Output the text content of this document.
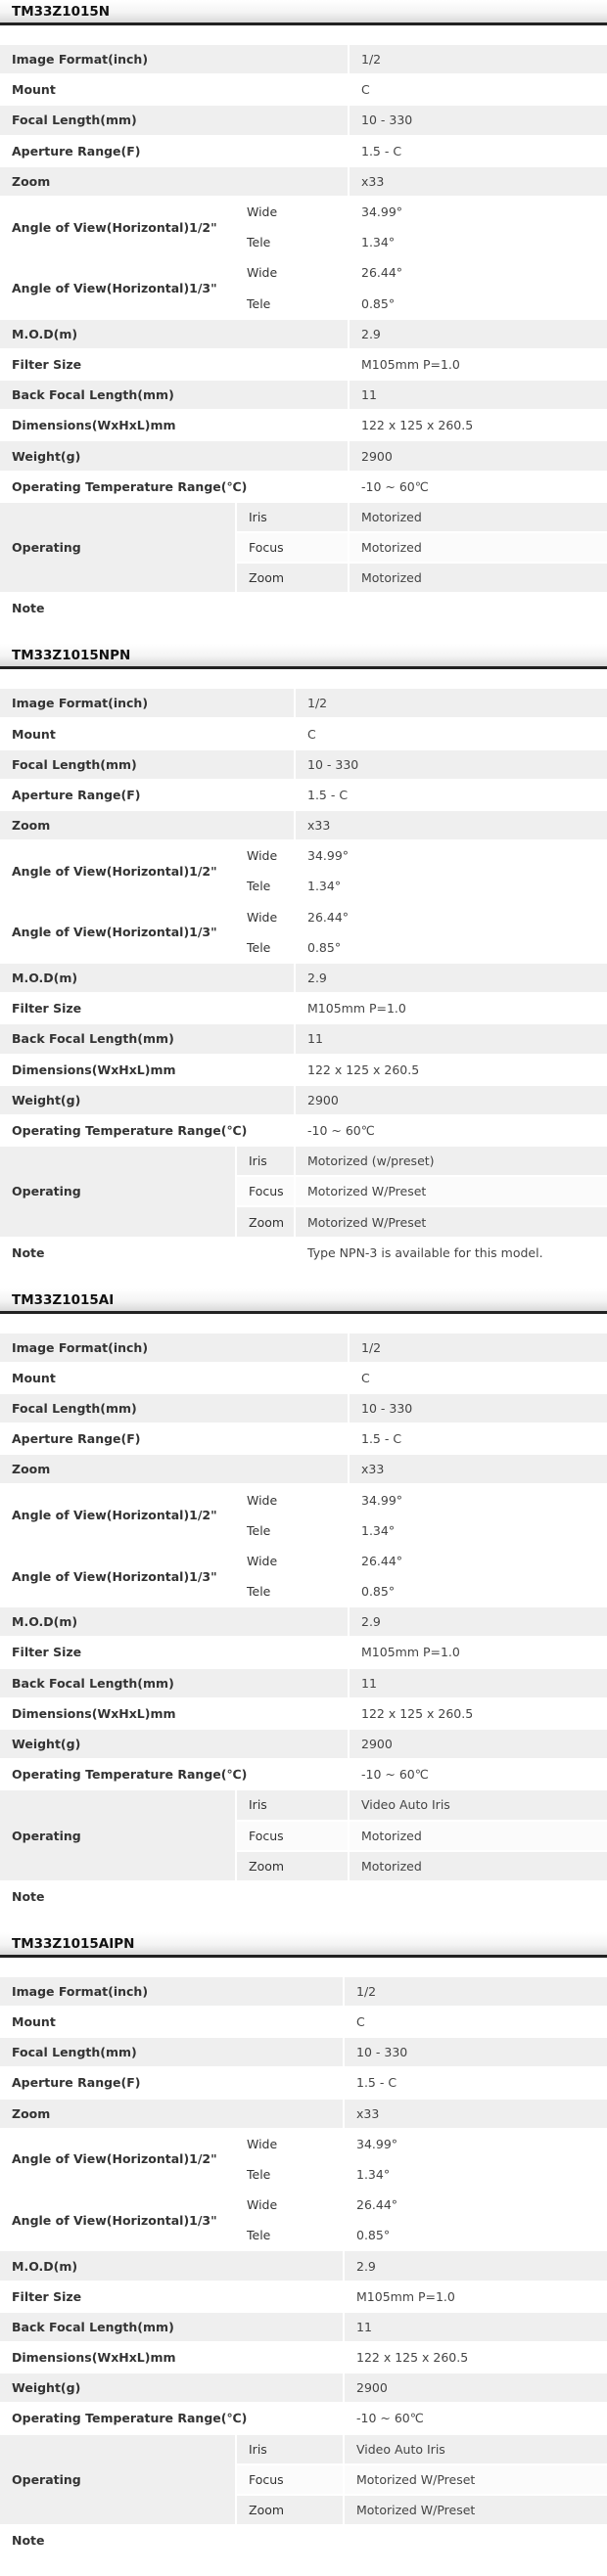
TM33Z1015N
Image Format(inch)		1/2
Mount		C
Focal Length(mm)		10 - 330
Aperture Range(F)		1.5 - C
Zoom		x33
Angle of View(Horizontal)1/2"	Wide	34.99°
	Tele	1.34°
Angle of View(Horizontal)1/3"	Wide	26.44°
	Tele	0.85°
M.O.D(m)		2.9
Filter Size		M105mm P=1.0
Back Focal Length(mm)		11
Dimensions(WxHxL)mm		122 x 125 x 260.5
Weight(g)		2900
Operating Temperature Range(℃)		-10 ~ 60℃
Operating	Iris	Motorized
	Focus	Motorized
	Zoom	Motorized
Note		
TM33Z1015NPN
Image Format(inch)		1/2
Mount		C
Focal Length(mm)		10 - 330
Aperture Range(F)		1.5 - C
Zoom		x33
Angle of View(Horizontal)1/2"	Wide	34.99°
	Tele	1.34°
Angle of View(Horizontal)1/3"	Wide	26.44°
	Tele	0.85°
M.O.D(m)		2.9
Filter Size		M105mm P=1.0
Back Focal Length(mm)		11
Dimensions(WxHxL)mm		122 x 125 x 260.5
Weight(g)		2900
Operating Temperature Range(℃)		-10 ~ 60℃
Operating	Iris	Motorized (w/preset)
	Focus	Motorized W/Preset
	Zoom	Motorized W/Preset
Note		Type NPN-3 is available for this model.
TM33Z1015AI
Image Format(inch)		1/2
Mount		C
Focal Length(mm)		10 - 330
Aperture Range(F)		1.5 - C
Zoom		x33
Angle of View(Horizontal)1/2"	Wide	34.99°
	Tele	1.34°
Angle of View(Horizontal)1/3"	Wide	26.44°
	Tele	0.85°
M.O.D(m)		2.9
Filter Size		M105mm P=1.0
Back Focal Length(mm)		11
Dimensions(WxHxL)mm		122 x 125 x 260.5
Weight(g)		2900
Operating Temperature Range(℃)		-10 ~ 60℃
Operating	Iris	Video Auto Iris
	Focus	Motorized
	Zoom	Motorized
Note		
TM33Z1015AIPN
Image Format(inch)		1/2
Mount		C
Focal Length(mm)		10 - 330
Aperture Range(F)		1.5 - C
Zoom		x33
Angle of View(Horizontal)1/2"	Wide	34.99°
	Tele	1.34°
Angle of View(Horizontal)1/3"	Wide	26.44°
	Tele	0.85°
M.O.D(m)		2.9
Filter Size		M105mm P=1.0
Back Focal Length(mm)		11
Dimensions(WxHxL)mm		122 x 125 x 260.5
Weight(g)		2900
Operating Temperature Range(℃)		-10 ~ 60℃
Operating	Iris	Video Auto Iris
	Focus	Motorized W/Preset
	Zoom	Motorized W/Preset
Note		
